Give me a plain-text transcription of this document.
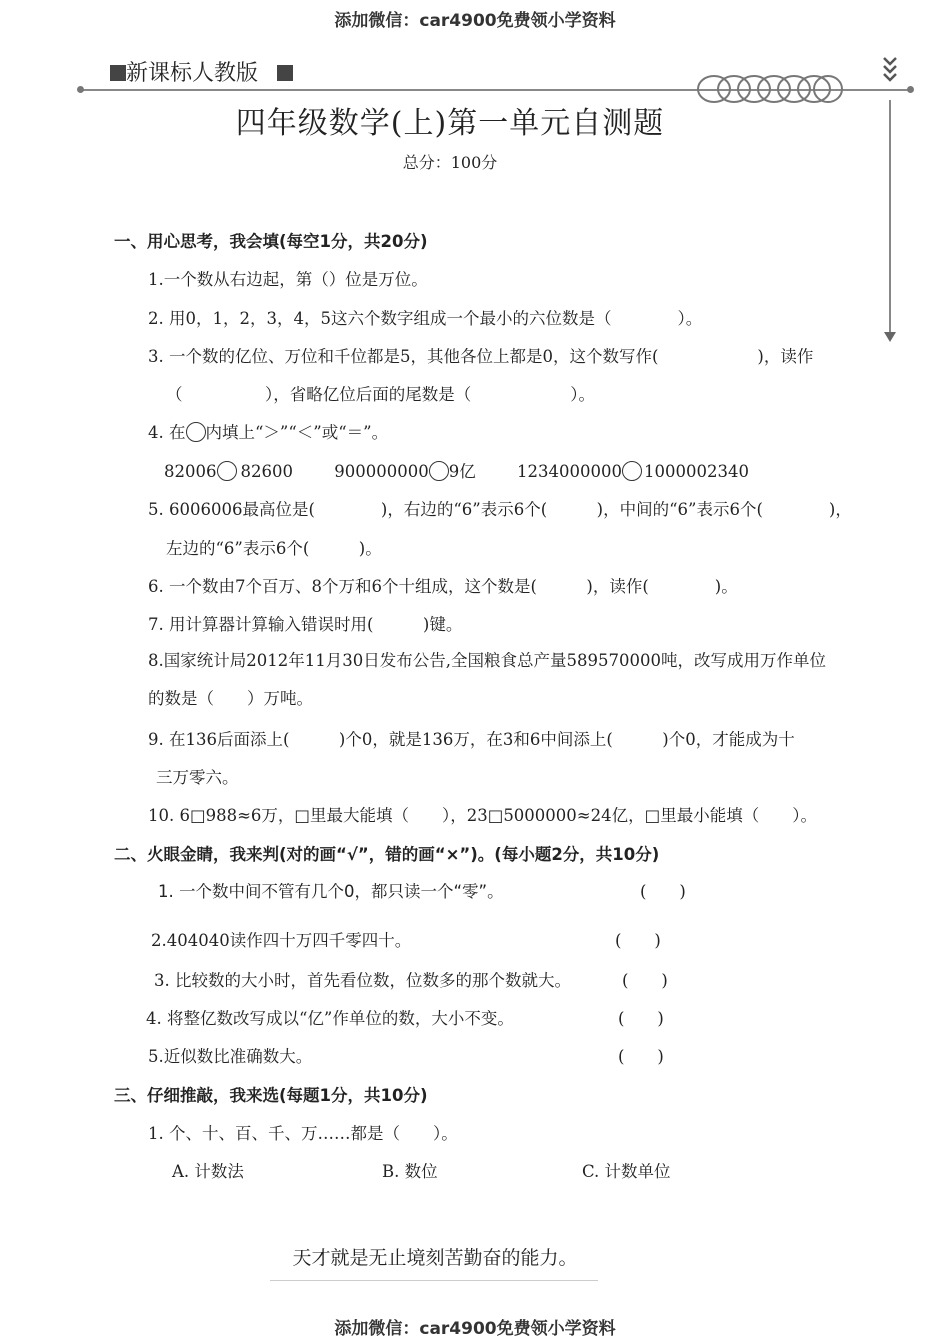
添加微信：car4900免费领小学资料
添加微信：car4900免费领小学资料
新课标人教版
四年级数学(上)第一单元自测题
总分：100分
一、用心思考，我会填(每空1分，共20分)
1.一个数从右边起，第（）位是万位。
2. 用0，1，2，3，4，5这六个数字组成一个最小的六位数是（　　　　）。
3. 一个数的亿位、万位和千位都是5，其他各位上都是0，这个数写作(　　　　　　)，读作
（　　　　　），省略亿位后面的尾数是（　　　　　　）。
4. 在 内填上“＞”“＜”或“＝”。
82006 82600	900000000 9亿	1234000000 1000002340
5. 6006006最高位是(　　　　)，右边的“6”表示6个(　　　)，中间的“6”表示6个(　　　　)，
左边的“6”表示6个(　　　)。
6. 一个数由7个百万、8个万和6个十组成，这个数是(　　　)，读作(　　　　)。
7. 用计算器计算输入错误时用(　　　)键。
8.国家统计局2012年11月30日发布公告,全国粮食总产量589570000吨，改写成用万作单位
的数是（　　）万吨。
9. 在136后面添上(　　　)个0，就是136万，在3和6中间添上(　　　)个0，才能成为十
三万零六。
10. 6□988≈6万，□里最大能填（　　），23□5000000≈24亿，□里最小能填（　　）。
二、火眼金睛，我来判(对的画“√”，错的画“×”)。(每小题2分，共10分)
1. 一个数中间不管有几个0，都只读一个“零”。	(　　)
2.404040读作四十万四千零四十。	(　　)
3. 比较数的大小时，首先看位数，位数多的那个数就大。	(　　)
4. 将整亿数改写成以“亿”作单位的数，大小不变。	(　　)
5.近似数比准确数大。	(　　)
三、仔细推敲，我来选(每题1分，共10分)
1. 个、十、百、千、万……都是（　　）。
A. 计数法	B. 数位	C. 计数单位
天才就是无止境刻苦勤奋的能力。
